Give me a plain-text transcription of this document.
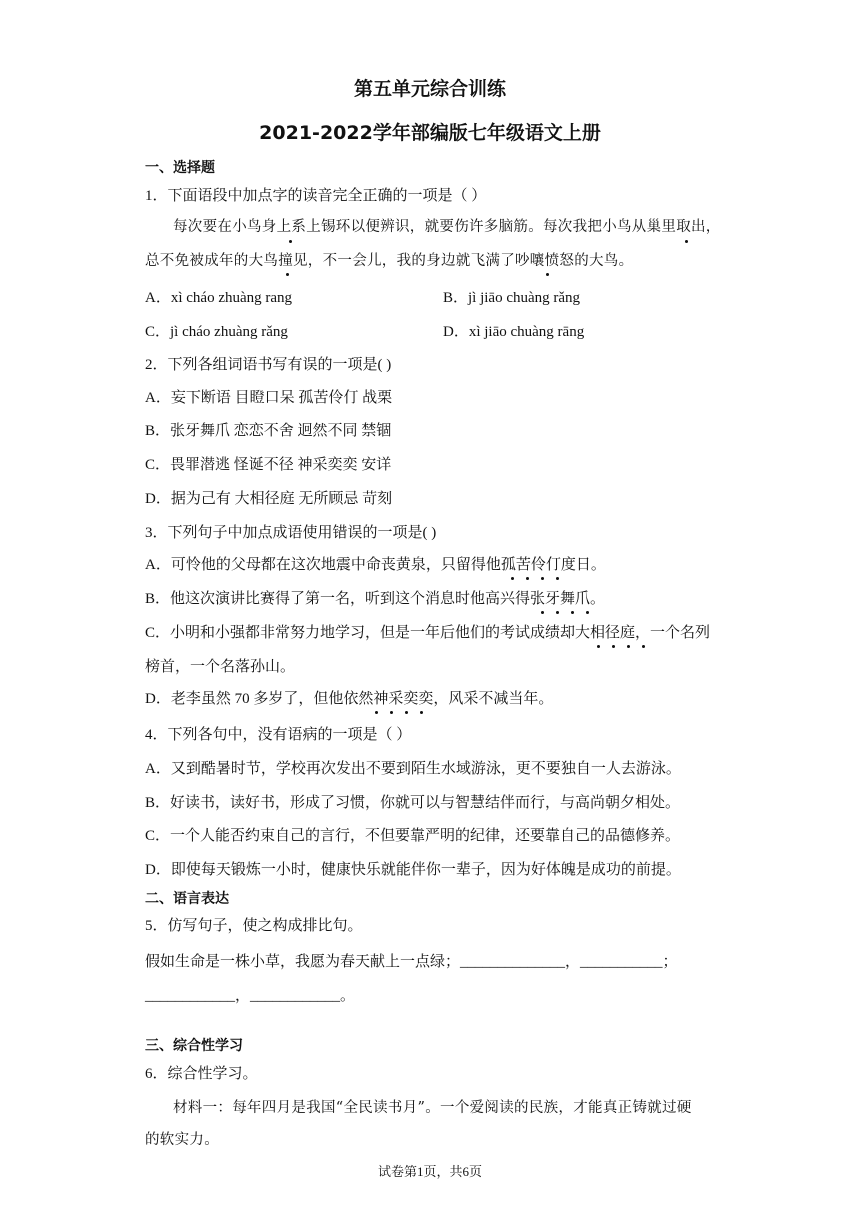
第五单元综合训练
2021-2022学年部编版七年级语文上册
一、选择题
1．下面语段中加点字的读音完全正确的一项是（ ）
每次要在小鸟身上系上锡环以便辨识，就要伤许多脑筋。每次我把小鸟从巢里取出，
总不免被成年的大鸟撞见，不一会儿，我的身边就飞满了吵嚷愤怒的大鸟。
A．xì cháo zhuàng rang	B．jì jiāo chuàng rǎng
C．jì cháo zhuàng rǎng	D．xì jiāo chuàng rāng
2．下列各组词语书写有误的一项是( )
A．妄下断语 目瞪口呆 孤苦伶仃 战栗
B．张牙舞爪 恋恋不舍 迥然不同 禁锢
C．畏罪潜逃 怪诞不径 神采奕奕 安详
D．据为己有 大相径庭 无所顾忌 苛刻
3．下列句子中加点成语使用错误的一项是( )
A．可怜他的父母都在这次地震中命丧黄泉，只留得他孤苦伶仃度日。
B．他这次演讲比赛得了第一名，听到这个消息时他高兴得张牙舞爪。
C．小明和小强都非常努力地学习，但是一年后他们的考试成绩却大相径庭，一个名列
榜首，一个名落孙山。
D．老李虽然 70 多岁了，但他依然神采奕奕，风采不减当年。
4．下列各句中，没有语病的一项是（ ）
A．又到酷暑时节，学校再次发出不要到陌生水域游泳，更不要独自一人去游泳。
B．好读书，读好书，形成了习惯，你就可以与智慧结伴而行，与高尚朝夕相处。
C．一个人能否约束自己的言行，不但要靠严明的纪律，还要靠自己的品德修养。
D．即使每天锻炼一小时，健康快乐就能伴你一辈子，因为好体魄是成功的前提。
二、语言表达
5．仿写句子，使之构成排比句。
假如生命是一株小草，我愿为春天献上一点绿；______________，___________；
____________，____________。
三、综合性学习
6．综合性学习。
材料一：每年四月是我国“全民读书月”。一个爱阅读的民族，才能真正铸就过硬
的软实力。
试卷第1页，共6页
